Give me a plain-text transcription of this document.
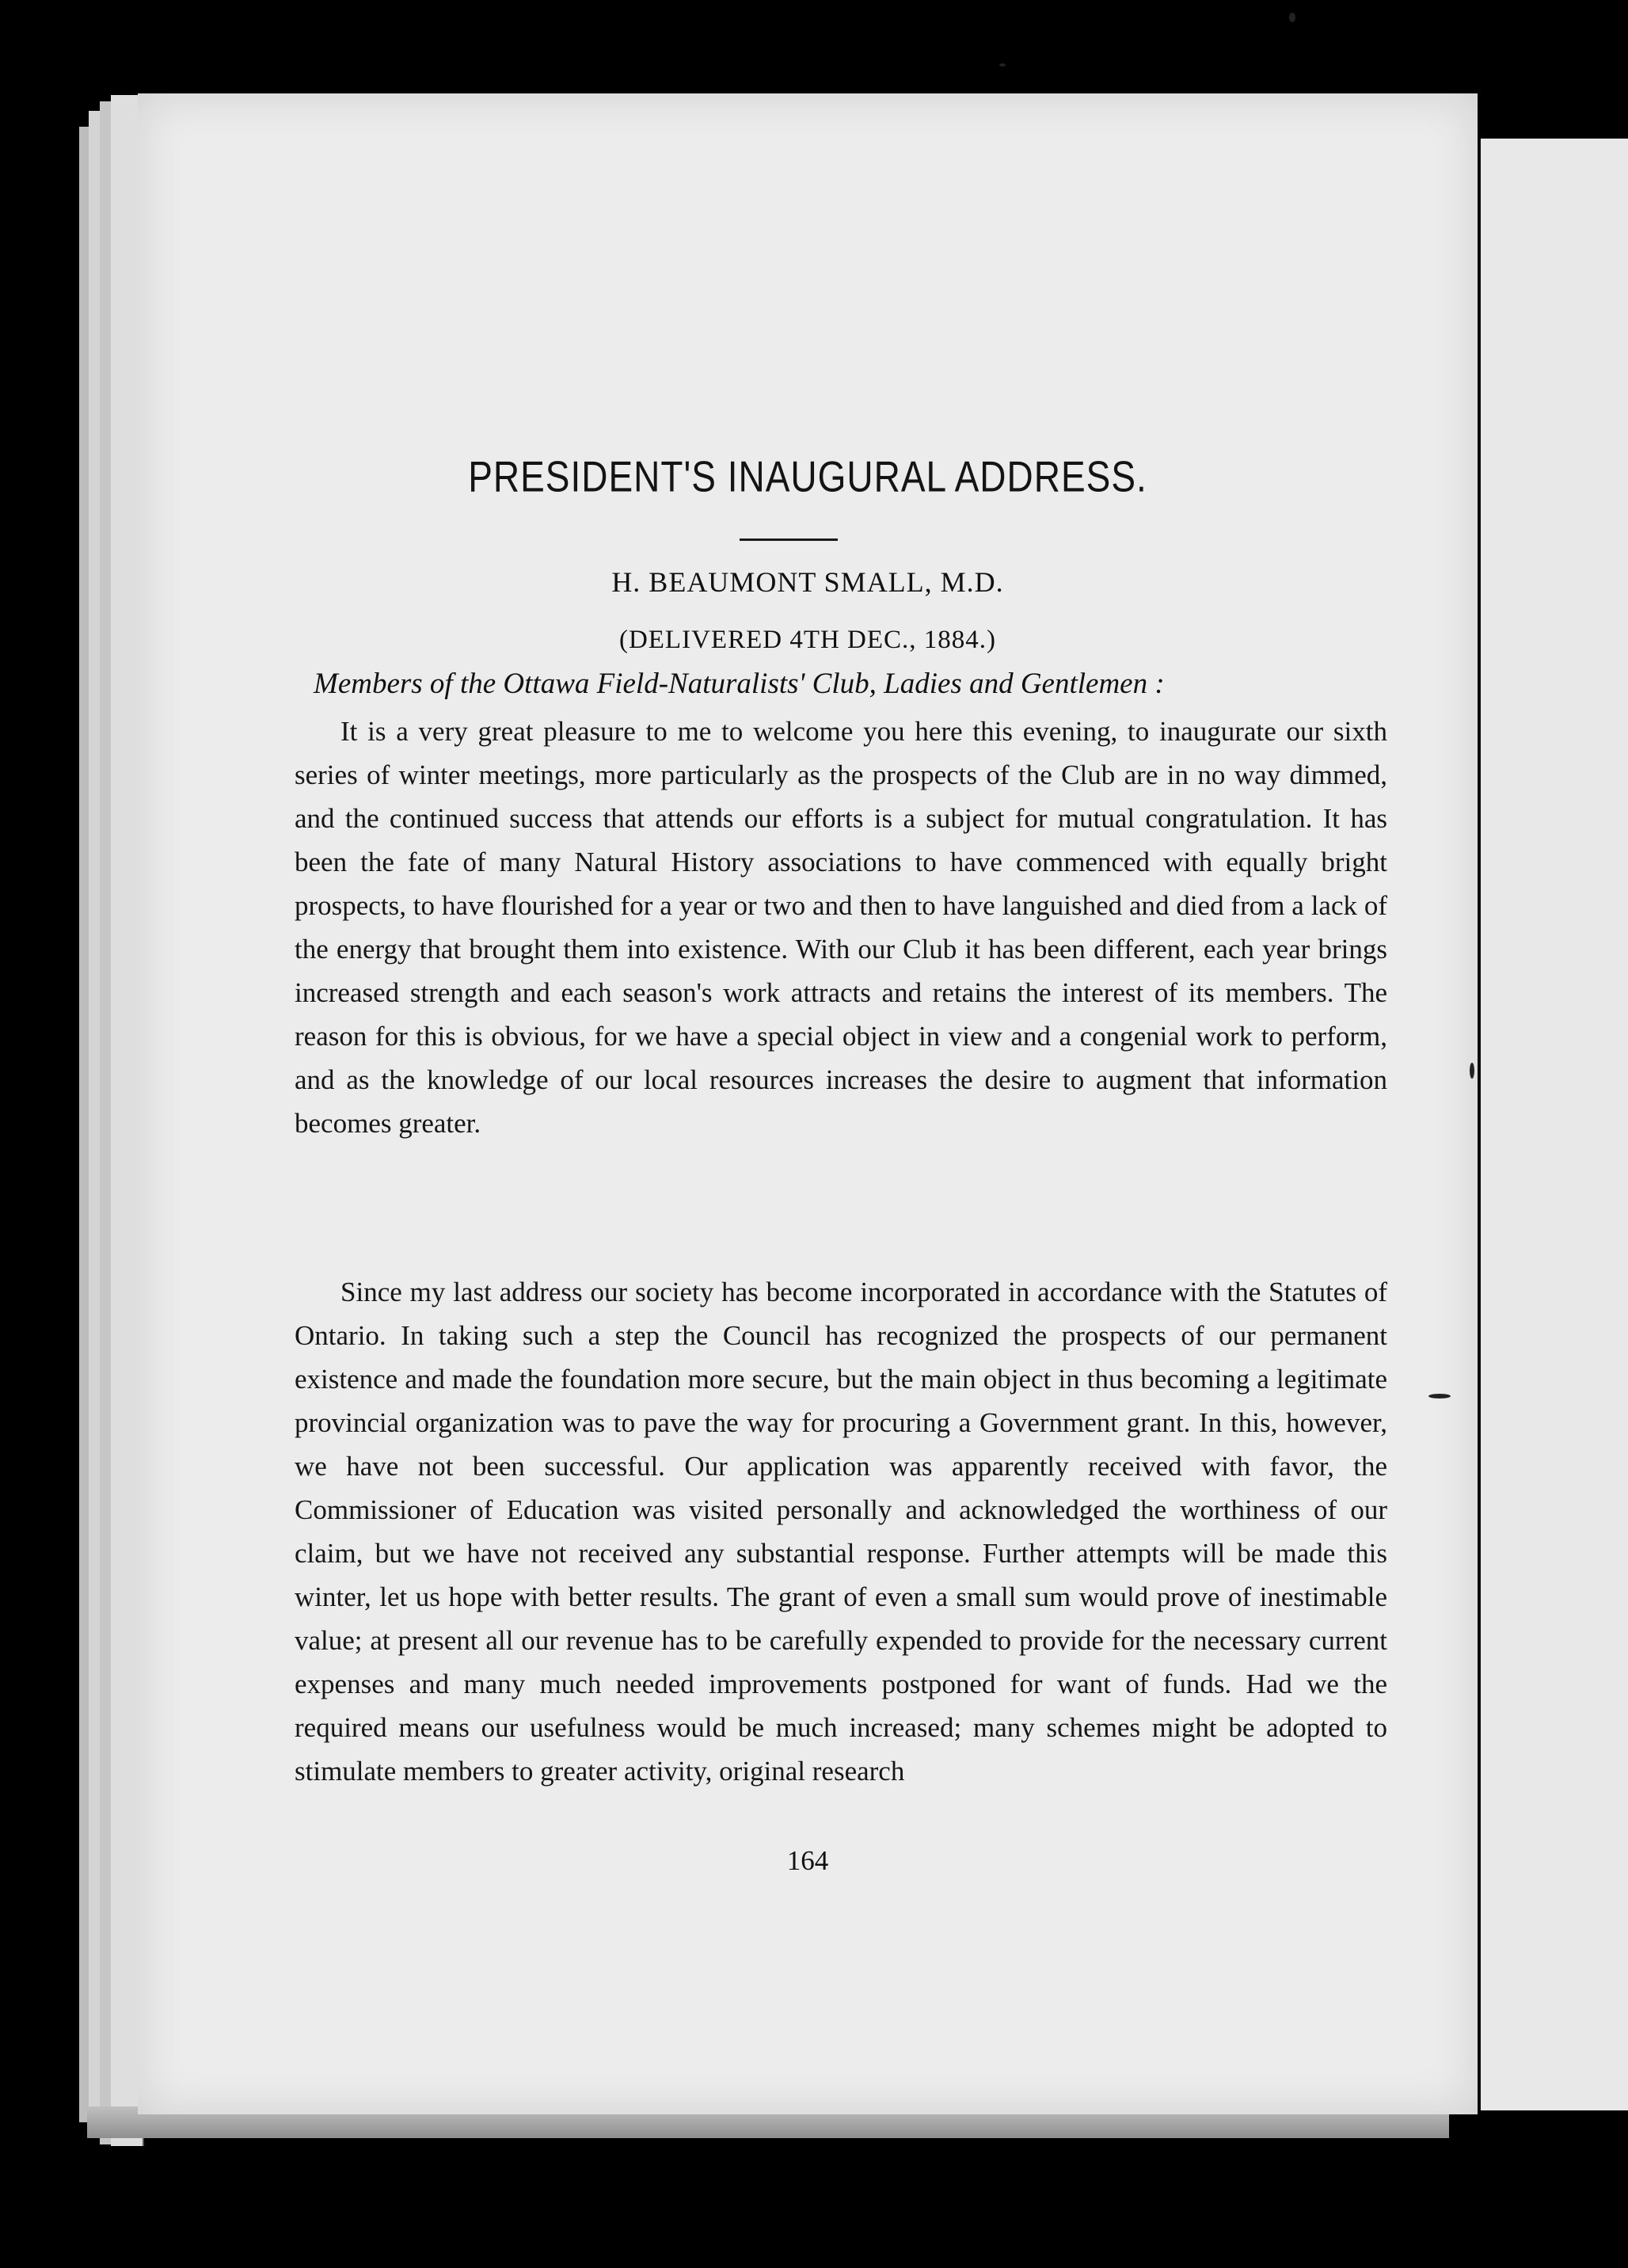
PRESIDENT'S INAUGURAL ADDRESS.
H. BEAUMONT SMALL, M.D.
(DELIVERED 4TH DEC., 1884.)
Members of the Ottawa Field-Naturalists' Club, Ladies and Gentlemen :
It is a very great pleasure to me to welcome you here this evening, to inaugurate our sixth series of winter meetings, more particularly as the prospects of the Club are in no way dimmed, and the continued success that attends our efforts is a subject for mutual congratulation. It has been the fate of many Natural History associations to have commenced with equally bright prospects, to have flourished for a year or two and then to have languished and died from a lack of the energy that brought them into existence. With our Club it has been different, each year brings increased strength and each season's work attracts and retains the interest of its members. The reason for this is obvious, for we have a special object in view and a congenial work to perform, and as the knowledge of our local resources increases the desire to augment that information becomes greater.
Since my last address our society has become incorporated in accordance with the Statutes of Ontario. In taking such a step the Council has recognized the prospects of our permanent existence and made the foundation more secure, but the main object in thus becoming a legitimate provincial organization was to pave the way for procuring a Government grant. In this, however, we have not been successful. Our application was apparently received with favor, the Commissioner of Education was visited personally and acknowledged the worthiness of our claim, but we have not received any substantial response. Further attempts will be made this winter, let us hope with better results. The grant of even a small sum would prove of inestimable value; at present all our revenue has to be carefully expended to provide for the necessary current expenses and many much needed improvements postponed for want of funds. Had we the required means our usefulness would be much increased; many schemes might be adopted to stimulate members to greater activity, original research
164
